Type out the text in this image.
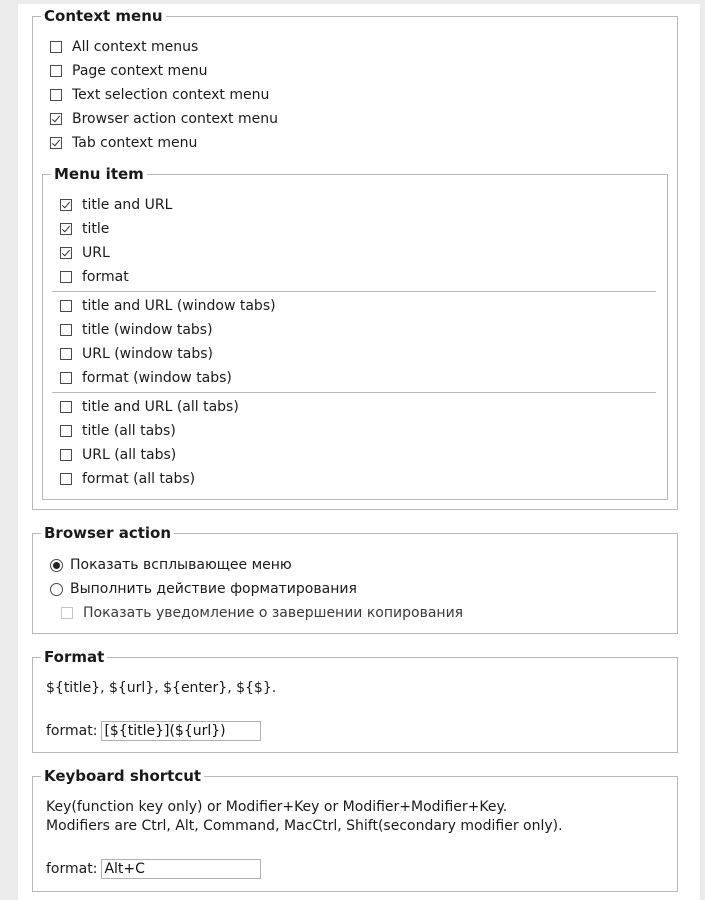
Context menu
All context menus
Page context menu
Text selection context menu
Browser action context menu
Tab context menu
Menu item
title and URL
title
URL
format
title and URL (window tabs)
title (window tabs)
URL (window tabs)
format (window tabs)
title and URL (all tabs)
title (all tabs)
URL (all tabs)
format (all tabs)
Browser action
Показать всплывающее меню
Выполнить действие форматирования
Показать уведомление о завершении копирования
Format
${title}, ${url}, ${enter}, ${$}.
format:
[${title}](${url})
Keyboard shortcut
Key(function key only) or Modifier+Key or Modifier+Modifier+Key.
Modifiers are Ctrl, Alt, Command, MacCtrl, Shift(secondary modifier only).
format:
Alt+C
